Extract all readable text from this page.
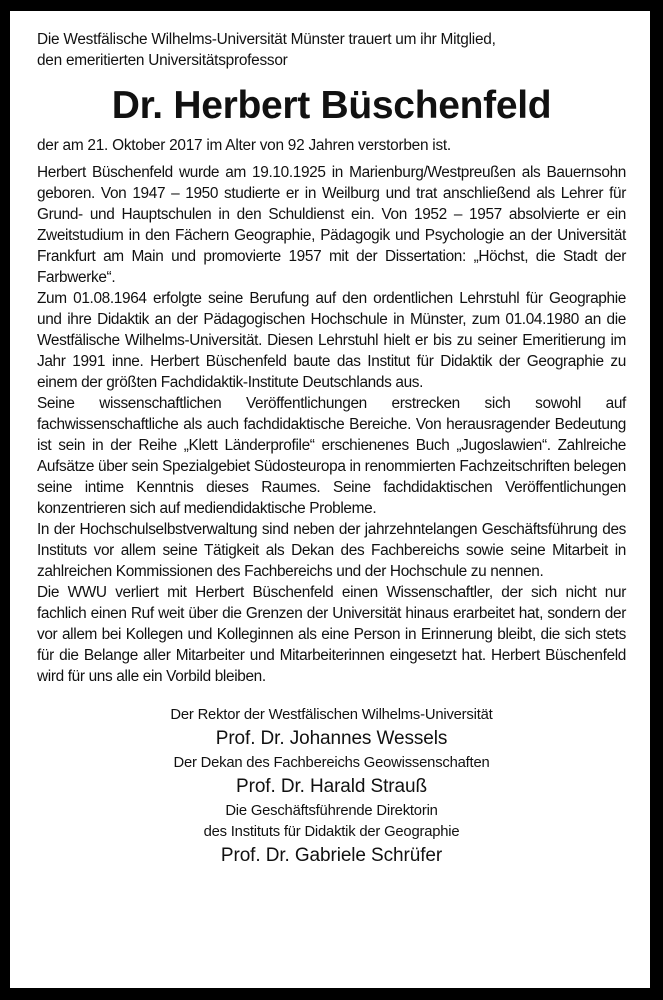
Die Westfälische Wilhelms-Universität Münster trauert um ihr Mitglied,
den emeritierten Universitätsprofessor

Dr. Herbert Büschenfeld

der am 21. Oktober 2017 im Alter von 92 Jahren verstorben ist.

Herbert Büschenfeld wurde am 19.10.1925 in Marienburg/Westpreußen als Bauernsohn geboren. Von 1947 – 1950 studierte er in Weilburg und trat anschließend als Lehrer für Grund- und Hauptschulen in den Schuldienst ein. Von 1952 – 1957 absolvierte er ein Zweitstudium in den Fächern Geographie, Pädagogik und Psychologie an der Universität Frankfurt am Main und promovierte 1957 mit der Dissertation: „Höchst, die Stadt der Farbwerke“.

Zum 01.08.1964 erfolgte seine Berufung auf den ordentlichen Lehrstuhl für Geographie und ihre Didaktik an der Pädagogischen Hochschule in Münster, zum 01.04.1980 an die Westfälische Wilhelms-Universität. Diesen Lehrstuhl hielt er bis zu seiner Emeritierung im Jahr 1991 inne. Herbert Büschenfeld baute das Institut für Didaktik der Geographie zu einem der größten Fachdidaktik-Institute Deutschlands aus.

Seine wissenschaftlichen Veröffentlichungen erstrecken sich sowohl auf fachwissenschaftliche als auch fachdidaktische Bereiche. Von herausragender Bedeutung ist sein in der Reihe „Klett Länderprofile“ erschienenes Buch „Jugoslawien“. Zahlreiche Aufsätze über sein Spezialgebiet Südosteuropa in renommierten Fachzeitschriften belegen seine intime Kenntnis dieses Raumes. Seine fachdidaktischen Veröffentlichungen konzentrieren sich auf mediendidaktische Probleme.

In der Hochschulselbstverwaltung sind neben der jahrzehntelangen Geschäftsführung des Instituts vor allem seine Tätigkeit als Dekan des Fachbereichs sowie seine Mitarbeit in zahlreichen Kommissionen des Fachbereichs und der Hochschule zu nennen.

Die WWU verliert mit Herbert Büschenfeld einen Wissenschaftler, der sich nicht nur fachlich einen Ruf weit über die Grenzen der Universität hinaus erarbeitet hat, sondern der vor allem bei Kollegen und Kolleginnen als eine Person in Erinnerung bleibt, die sich stets für die Belange aller Mitarbeiter und Mitarbeiterinnen eingesetzt hat. Herbert Büschenfeld wird für uns alle ein Vorbild bleiben.

Der Rektor der Westfälischen Wilhelms-Universität
Prof. Dr. Johannes Wessels
Der Dekan des Fachbereichs Geowissenschaften
Prof. Dr. Harald Strauß
Die Geschäftsführende Direktorin
des Instituts für Didaktik der Geographie
Prof. Dr. Gabriele Schrüfer
